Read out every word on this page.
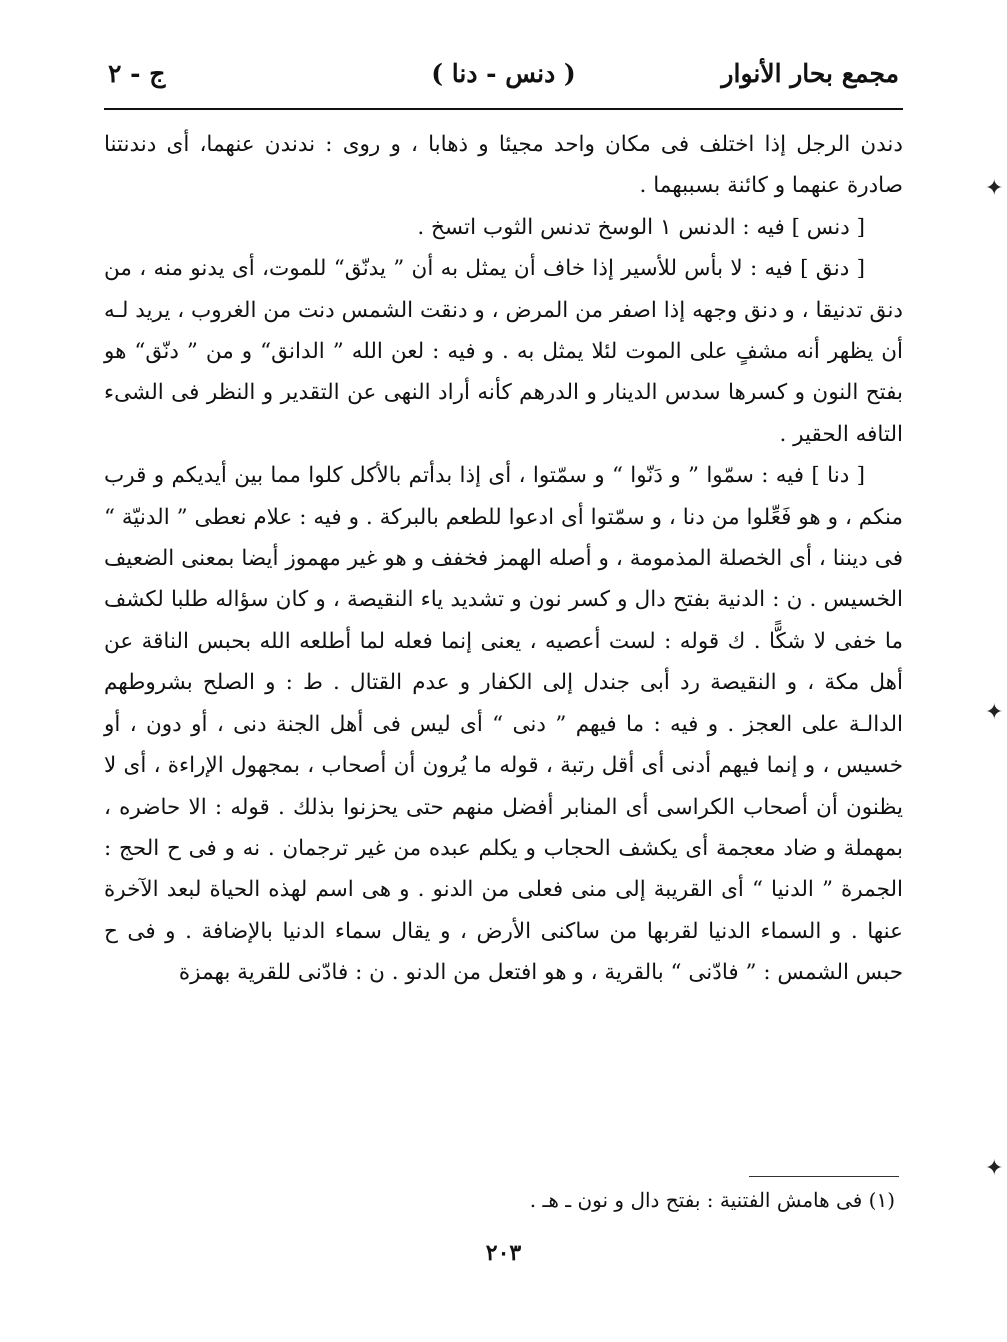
مجمع بحار الأنوار
( دنس - دنا )
ج - ٢

دندن الرجل إذا اختلف فى مكان واحد مجيئا و ذهابا ، و روى : ندندن عنهما، أى دندنتنا صادرة عنهما و كائنة بسببهما .

[ دنس ] فيه : الدنس ١ الوسخ تدنس الثوب اتسخ .

[ دنق ] فيه : لا بأس للأسير إذا خاف أن يمثل به أن ” يدنّق“ للموت، أى يدنو منه ، من دنق تدنيقا ، و دنق وجهه إذا اصفر من المرض ، و دنقت الشمس دنت من الغروب ، يريد لـه أن يظهر أنه مشفٍ على الموت لئلا يمثل به . و فيه : لعن الله ” الدانق“ و من ” دنّق“ هو بفتح النون و كسرها سدس الدينار و الدرهم كأنه أراد النهى عن التقدير و النظر فى الشىء التافه الحقير .

[ دنا ] فيه : سمّوا ” و دَنّوا “ و سمّتوا ، أى إذا بدأتم بالأكل كلوا مما بين أيديكم و قرب منكم ، و هو فَعِّلوا من دنا ، و سمّتوا أى ادعوا للطعم بالبركة . و فيه : علام نعطى ” الدنيّة “ فى ديننا ، أى الخصلة المذمومة ، و أصله الهمز فخفف و هو غير مهموز أيضا بمعنى الضعيف الخسيس . ن : الدنية بفتح دال و كسر نون و تشديد ياء النقيصة ، و كان سؤاله طلبا لكشف ما خفى لا شكًّا . ك قوله : لست أعصيه ، يعنى إنما فعله لما أطلعه الله بحبس الناقة عن أهل مكة ، و النقيصة رد أبى جندل إلى الكفار و عدم القتال . ط : و الصلح بشروطهم الدالـة على العجز . و فيه : ما فيهم ” دنى “ أى ليس فى أهل الجنة دنى ، أو دون ، أو خسيس ، و إنما فيهم أدنى أى أقل رتبة ، قوله ما يُرون أن أصحاب ، بمجهول الإراءة ، أى لا يظنون أن أصحاب الكراسى أى المنابر أفضل منهم حتى يحزنوا بذلك . قوله : الا حاضره ، بمهملة و ضاد معجمة أى يكشف الحجاب و يكلم عبده من غير ترجمان . نه و فى ح الحج : الجمرة ” الدنيا “ أى القريبة إلى منى فعلى من الدنو . و هى اسم لهذه الحياة لبعد الآخرة عنها . و السماء الدنيا لقربها من ساكنى الأرض ، و يقال سماء الدنيا بالإضافة . و فى ح حبس الشمس : ” فادّنى “ بالقرية ، و هو افتعل من الدنو . ن : فادّنى للقرية بهمزة

(١) فى هامش الفتنية : بفتح دال و نون ـ هـ .
٢٠٣
✦
✦
✦
